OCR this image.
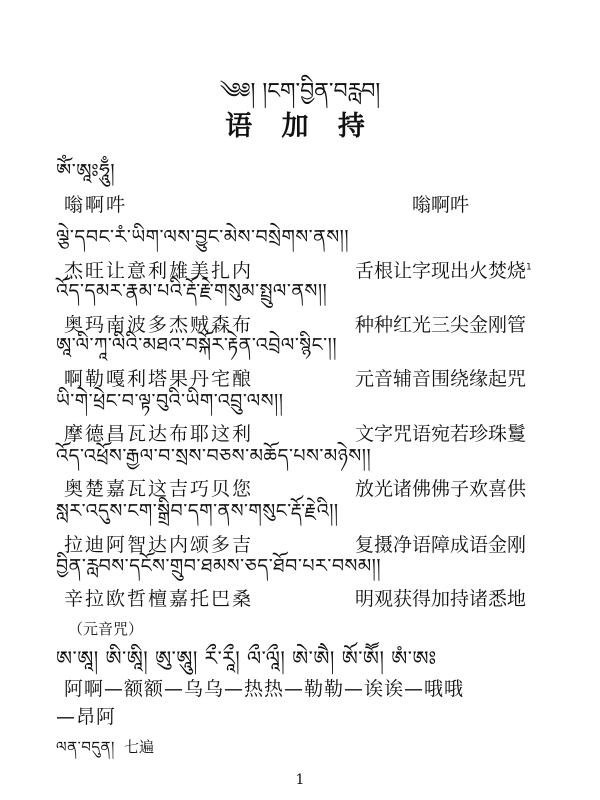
༄༅། །ངག་བྱིན་བརླབ།
语 加 持
ཨོཾ་ཨཱཿཧཱུྃ།
嗡啊吽	嗡啊吽
ལྕེ་དབང་རཾ་ཡིག་ལས་བྱུང་མེས་བསྲེགས་ནས།།
杰旺让意利雄美扎内	舌根让字现出火焚烧$^1$
འོད་དམར་རྣམ་པའི་རྡོ་རྗེ་གསུམ་སྤྲུལ་ནས།།
奥玛南波多杰贼森布	种种红光三尖金刚管
ཨཱ་ལི་ཀཱ་ལིའི་མཐའ་བསྐོར་རྟེན་འབྲེལ་སྙིང་།།
啊勒嘎利塔果丹宅酿	元音辅音围绕缘起咒
ཡི་གེ་ཕྲེང་བ་ལྟ་བུའི་ཡིག་འབྲུ་ལས།།
摩德昌瓦达布耶这利	文字咒语宛若珍珠鬘
འོད་འཕྲོས་རྒྱལ་བ་སྲས་བཅས་མཆོད་པས་མཉེས།།
奥楚嘉瓦这吉巧贝您	放光诸佛佛子欢喜供
སླར་འདུས་ངག་སྒྲིབ་དག་ནས་གསུང་རྡོ་རྗེའི།།
拉迪阿智达内颂多吉	复摄净语障成语金刚
བྱིན་རླབས་དངོས་གྲུབ་ཐམས་ཅད་ཐོབ་པར་བསམ།།
辛拉欧哲檀嘉托巴桑	明观获得加持诸悉地
（元音咒）
ཨ་ཨཱ། ཨི་ཨཱི། ཨུ་ཨཱུ། རྀ་རཱྀ། ལྀ་ལཱྀ། ཨེ་ཨཻ། ཨོ་ཨཽ། ཨཾ་ཨཿ
阿啊—额额—乌乌—热热—勒勒—诶诶—哦哦
—昂阿
ལན་བདུན། 七遍
1
